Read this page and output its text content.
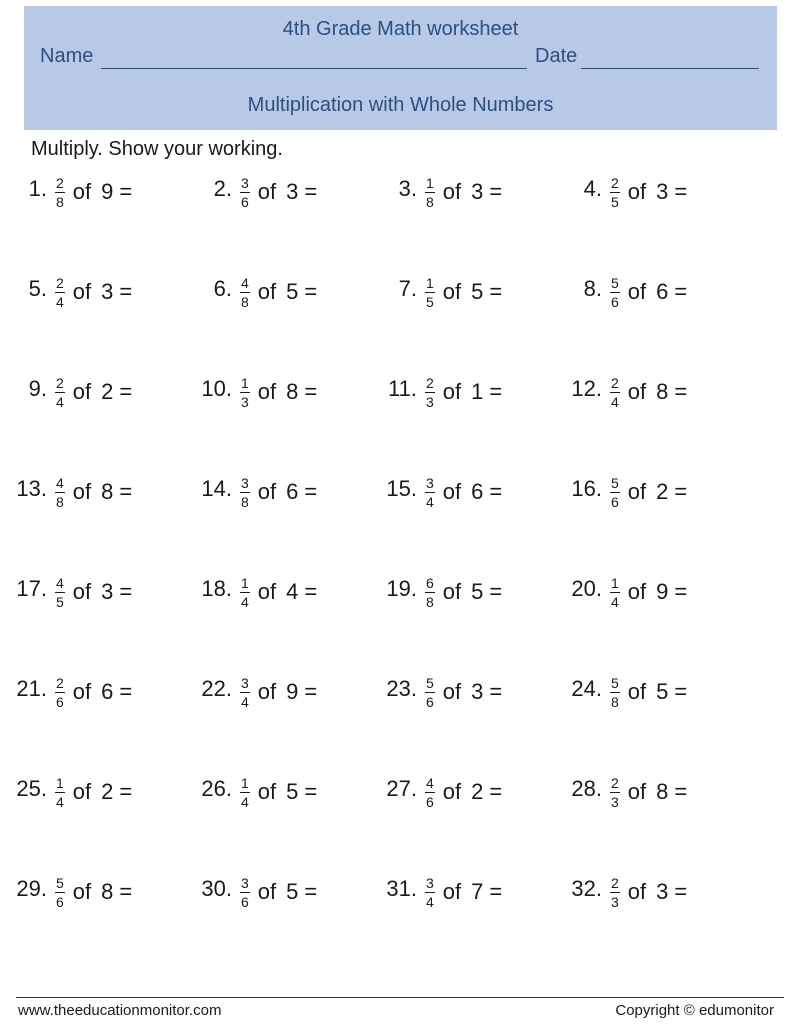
4th Grade Math worksheet
Name	Date
Multiplication with Whole Numbers
Multiply. Show your working.
1. $\frac{2}{8}$ of 9 =	2. $\frac{3}{6}$ of 3 =	3. $\frac{1}{8}$ of 3 =	4. $\frac{2}{5}$ of 3 =
5. $\frac{2}{4}$ of 3 =	6. $\frac{4}{8}$ of 5 =	7. $\frac{1}{5}$ of 5 =	8. $\frac{5}{6}$ of 6 =
9. $\frac{2}{4}$ of 2 =	10. $\frac{1}{3}$ of 8 =	11. $\frac{2}{3}$ of 1 =	12. $\frac{2}{4}$ of 8 =
13. $\frac{4}{8}$ of 8 =	14. $\frac{3}{8}$ of 6 =	15. $\frac{3}{4}$ of 6 =	16. $\frac{5}{6}$ of 2 =
17. $\frac{4}{5}$ of 3 =	18. $\frac{1}{4}$ of 4 =	19. $\frac{6}{8}$ of 5 =	20. $\frac{1}{4}$ of 9 =
21. $\frac{2}{6}$ of 6 =	22. $\frac{3}{4}$ of 9 =	23. $\frac{5}{6}$ of 3 =	24. $\frac{5}{8}$ of 5 =
25. $\frac{1}{4}$ of 2 =	26. $\frac{1}{4}$ of 5 =	27. $\frac{4}{6}$ of 2 =	28. $\frac{2}{3}$ of 8 =
29. $\frac{5}{6}$ of 8 =	30. $\frac{3}{6}$ of 5 =	31. $\frac{3}{4}$ of 7 =	32. $\frac{2}{3}$ of 3 =
www.theeducationmonitor.com	Copyright © edumonitor
